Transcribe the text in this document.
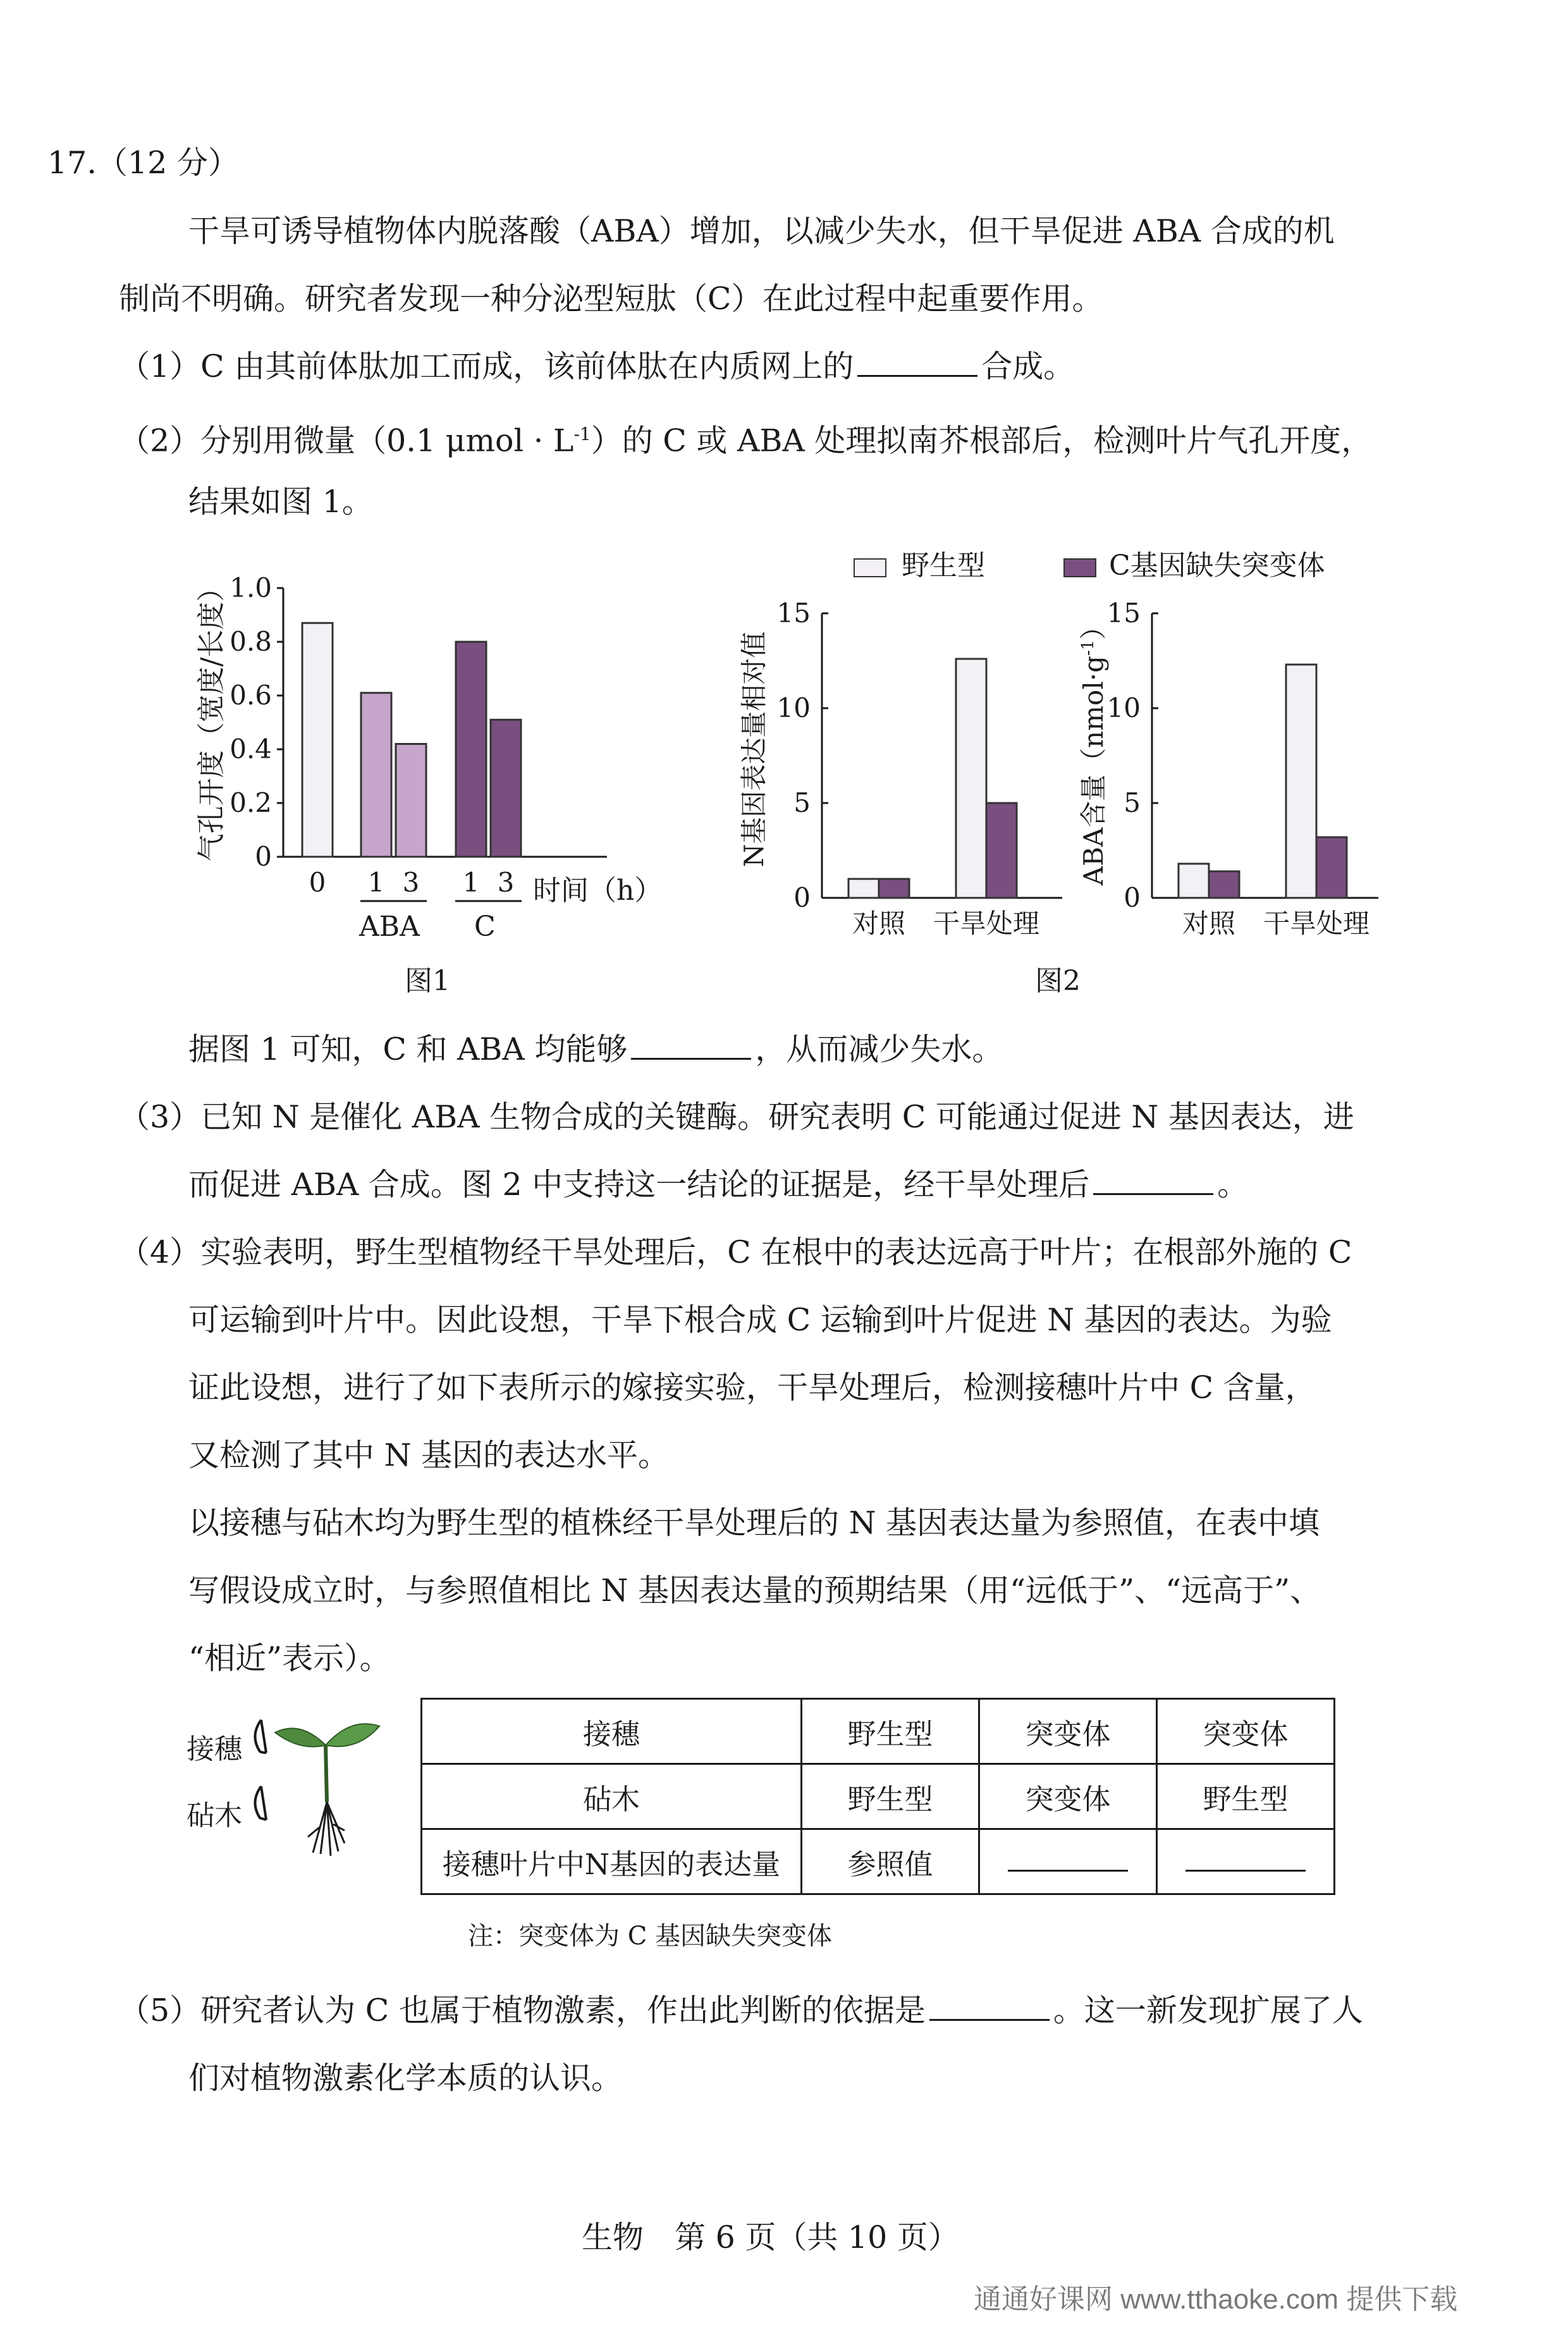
17.（12 分）
干旱可诱导植物体内脱落酸（ABA）增加，以减少失水，但干旱促进 ABA 合成的机
制尚不明确。研究者发现一种分泌型短肽（C）在此过程中起重要作用。
（1）C 由其前体肽加工而成，该前体肽在内质网上的	合成。
（2）分别用微量（0.1 $\mu mol \cdot L^{-1}$）的 C 或 ABA 处理拟南芥根部后，检测叶片气孔开度，
结果如图 1。
0
0.2
0.4
0.6
0.8
1.0
0 1 3 1 3	0
5
10
15
对照 干旱处理
0
5
10
15
对照 干旱处理
气孔开度（宽度/长度）
时间（h）
ABA C
图1
野生型	C基因缺失突变体
N基因表达量相对值	ABA含量$(nmol\cdot g^{-1})$
图2
据图 1 可知，C 和 ABA 均能够	，从而减少失水。
（3）已知 N 是催化 ABA 生物合成的关键酶。研究表明 C 可能通过促进 N 基因表达，进
而促进 ABA 合成。图 2 中支持这一结论的证据是，经干旱处理后	。
（4）实验表明，野生型植物经干旱处理后，C 在根中的表达远高于叶片；在根部外施的 C
可运输到叶片中。因此设想，干旱下根合成 C 运输到叶片促进 N 基因的表达。为验
证此设想，进行了如下表所示的嫁接实验，干旱处理后，检测接穗叶片中 C 含量，
又检测了其中 N 基因的表达水平。
以接穗与砧木均为野生型的植株经干旱处理后的 N 基因表达量为参照值，在表中填
写假设成立时，与参照值相比 N 基因表达量的预期结果（用“远低于”、“远高于”、
“相近”表示）。
接穗
砧木
接穗	野生型	突变体	突变体
砧木	野生型	突变体	野生型
接穗叶片中N基因的表达量	参照值		
注：突变体为 C 基因缺失突变体
（5）研究者认为 C 也属于植物激素，作出此判断的依据是	。这一新发现扩展了人
们对植物激素化学本质的认识。
生物　第 6 页（共 10 页）
通通好课网 www.tthaoke.com 提供下载
